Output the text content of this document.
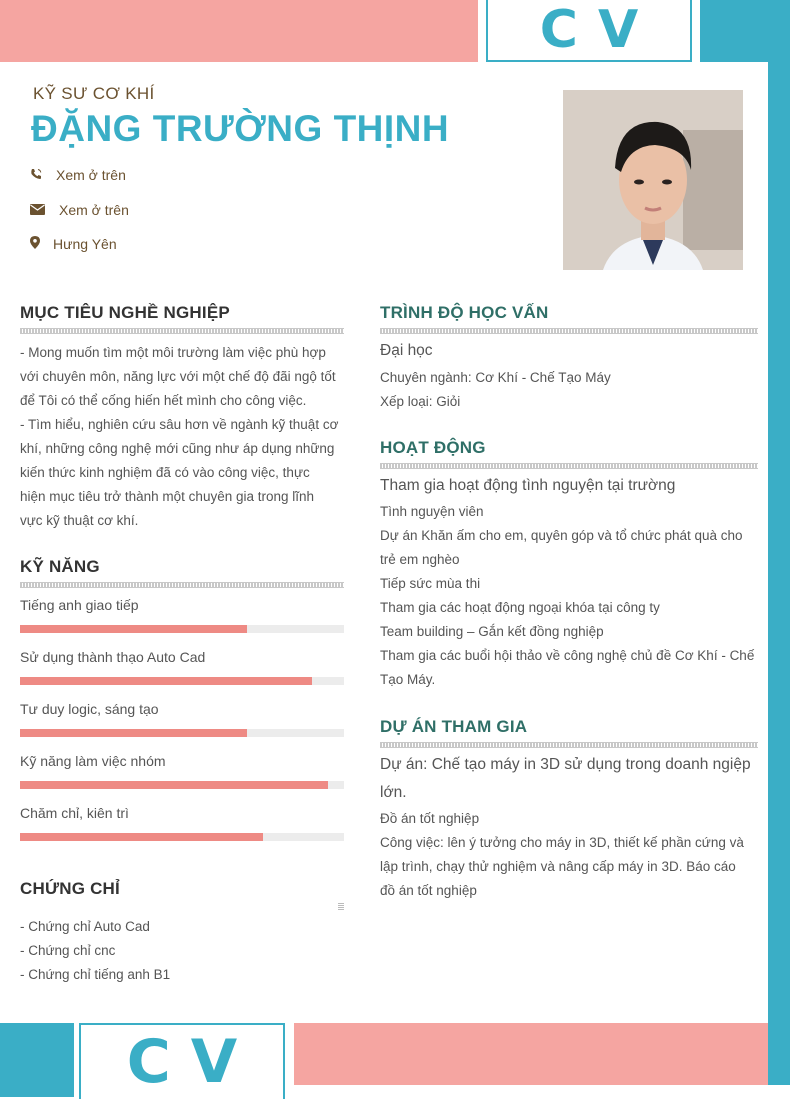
CV
CV
KỸ SƯ CƠ KHÍ
ĐẶNG TRƯỜNG THỊNH
Xem ở trên
Xem ở trên
Hưng Yên
MỤC TIÊU NGHỀ NGHIỆP
- Mong muốn tìm một môi trường làm việc phù hợp
với chuyên môn, năng lực với một chế độ đãi ngộ tốt
để Tôi có thể cống hiến hết mình cho công việc.
- Tìm hiểu, nghiên cứu sâu hơn về ngành kỹ thuật cơ
khí, những công nghệ mới cũng như áp dụng những
kiến thức kinh nghiệm đã có vào công việc, thực
hiện mục tiêu trở thành một chuyên gia trong lĩnh
vực kỹ thuật cơ khí.
KỸ NĂNG
Tiếng anh giao tiếp
Sử dụng thành thạo Auto Cad
Tư duy logic, sáng tạo
Kỹ năng làm việc nhóm
Chăm chỉ, kiên trì
CHỨNG CHỈ
- Chứng chỉ Auto Cad
- Chứng chỉ cnc
- Chứng chỉ tiếng anh B1
TRÌNH ĐỘ HỌC VẤN
Đại học
Chuyên ngành: Cơ Khí - Chế Tạo Máy
Xếp loại: Giỏi
HOẠT ĐỘNG
Tham gia hoạt động tình nguyện tại trường
Tình nguyện viên
Dự án Khăn ấm cho em, quyên góp và tổ chức phát quà cho
trẻ em nghèo
Tiếp sức mùa thi
Tham gia các hoạt động ngoại khóa tại công ty
Team building – Gắn kết đồng nghiệp
Tham gia các buổi hội thảo về công nghệ chủ đề Cơ Khí - Chế
Tạo Máy.
DỰ ÁN THAM GIA
Dự án: Chế tạo máy in 3D sử dụng trong doanh ngiệp
lớn.
Đồ án tốt nghiệp
Công việc: lên ý tưởng cho máy in 3D, thiết kế phần cứng và
lập trình, chạy thử nghiệm và nâng cấp máy in 3D. Báo cáo
đồ án tốt nghiệp
